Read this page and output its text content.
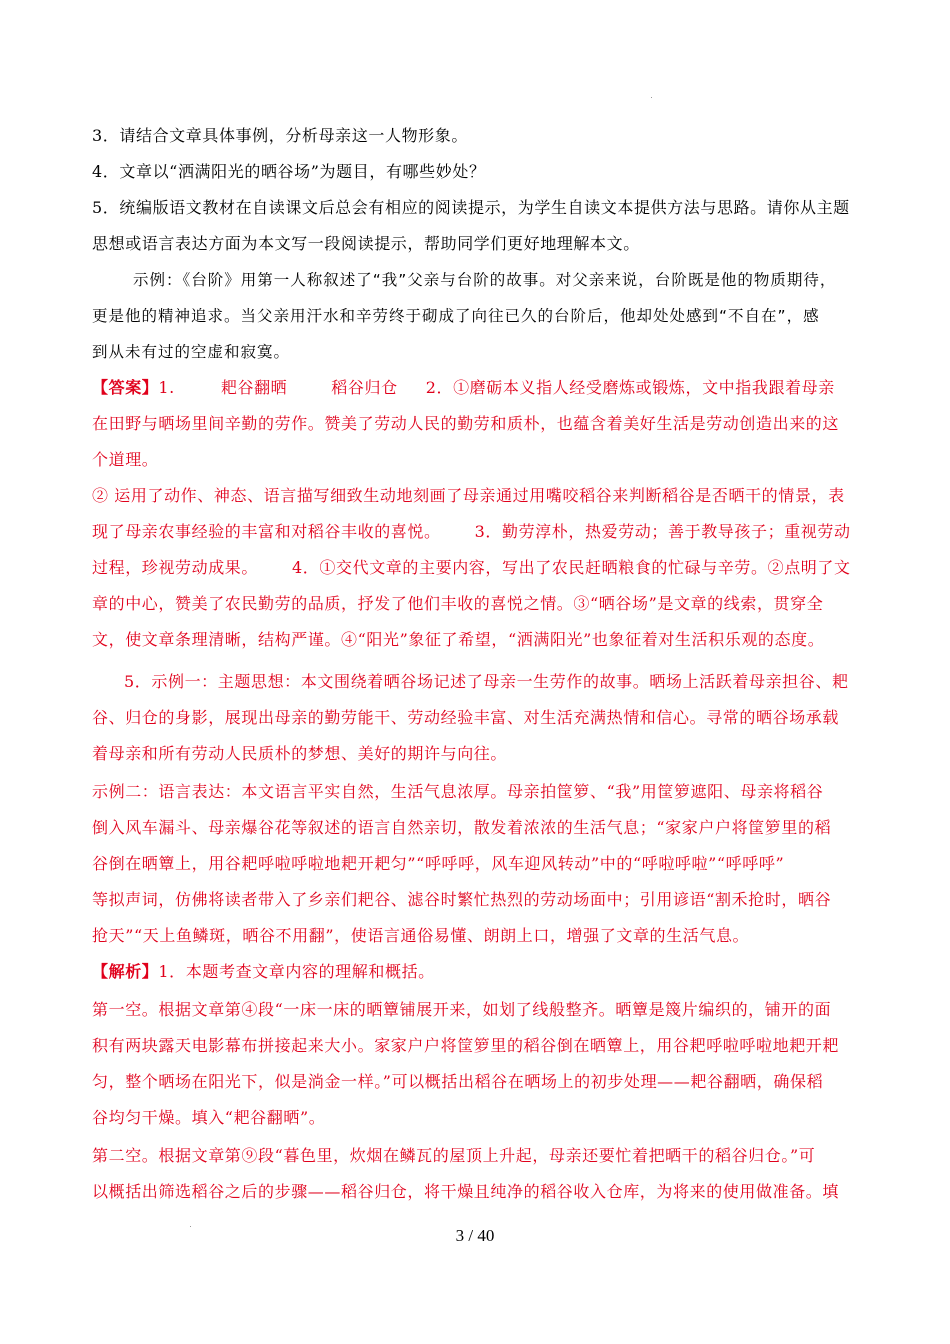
3．请结合文章具体事例，分析母亲这一人物形象。
4．文章以“洒满阳光的晒谷场”为题目，有哪些妙处？
5．统编版语文教材在自读课文后总会有相应的阅读提示，为学生自读文本提供方法与思路。请你从主题
思想或语言表达方面为本文写一段阅读提示，帮助同学们更好地理解本文。
示例：《台阶》用第一人称叙述了“我”父亲与台阶的故事。对父亲来说，台阶既是他的物质期待，
更是他的精神追求。当父亲用汗水和辛劳终于砌成了向往已久的台阶后，他却处处感到“不自在”，感
到从未有过的空虚和寂寞。
【答案】1.	耙谷翻晒	稻谷归仓 2．①磨砺本义指人经受磨炼或锻炼，文中指我跟着母亲
在田野与晒场里间辛勤的劳作。赞美了劳动人民的勤劳和质朴，也蕴含着美好生活是劳动创造出来的这
个道理。
② 运用了动作、神态、语言描写细致生动地刻画了母亲通过用嘴咬稻谷来判断稻谷是否晒干的情景，表
现了母亲农事经验的丰富和对稻谷丰收的喜悦。 3．勤劳淳朴，热爱劳动；善于教导孩子；重视劳动
过程，珍视劳动成果。 4．①交代文章的主要内容，写出了农民赶晒粮食的忙碌与辛劳。②点明了文
章的中心，赞美了农民勤劳的品质，抒发了他们丰收的喜悦之情。③“晒谷场”是文章的线索，贯穿全
文，使文章条理清晰，结构严谨。④“阳光”象征了希望，“洒满阳光”也象征着对生活积乐观的态度。
5．示例一：主题思想：本文围绕着晒谷场记述了母亲一生劳作的故事。晒场上活跃着母亲担谷、耙
谷、归仓的身影，展现出母亲的勤劳能干、劳动经验丰富、对生活充满热情和信心。寻常的晒谷场承载
着母亲和所有劳动人民质朴的梦想、美好的期许与向往。
示例二：语言表达：本文语言平实自然，生活气息浓厚。母亲拍筐箩、“我”用筐箩遮阳、母亲将稻谷
倒入风车漏斗、母亲爆谷花等叙述的语言自然亲切，散发着浓浓的生活气息；“家家户户将筐箩里的稻
谷倒在晒簟上，用谷耙呼啦呼啦地耙开耙匀”“呼呼呼，风车迎风转动”中的“呼啦呼啦”“呼呼呼”
等拟声词，仿佛将读者带入了乡亲们耙谷、滤谷时繁忙热烈的劳动场面中；引用谚语“割禾抢时，晒谷
抢天”“天上鱼鳞斑，晒谷不用翻”，使语言通俗易懂、朗朗上口，增强了文章的生活气息。
【解析】1．本题考查文章内容的理解和概括。
第一空。根据文章第④段“一床一床的晒簟铺展开来，如划了线般整齐。晒簟是篾片编织的，铺开的面
积有两块露天电影幕布拼接起来大小。家家户户将筐箩里的稻谷倒在晒簟上，用谷耙呼啦呼啦地耙开耙
匀，整个晒场在阳光下，似是淌金一样。”可以概括出稻谷在晒场上的初步处理——耙谷翻晒，确保稻
谷均匀干燥。填入“耙谷翻晒”。
第二空。根据文章第⑨段“暮色里，炊烟在鳞瓦的屋顶上升起，母亲还要忙着把晒干的稻谷归仓。”可
以概括出筛选稻谷之后的步骤——稻谷归仓，将干燥且纯净的稻谷收入仓库，为将来的使用做准备。填
3 / 40
